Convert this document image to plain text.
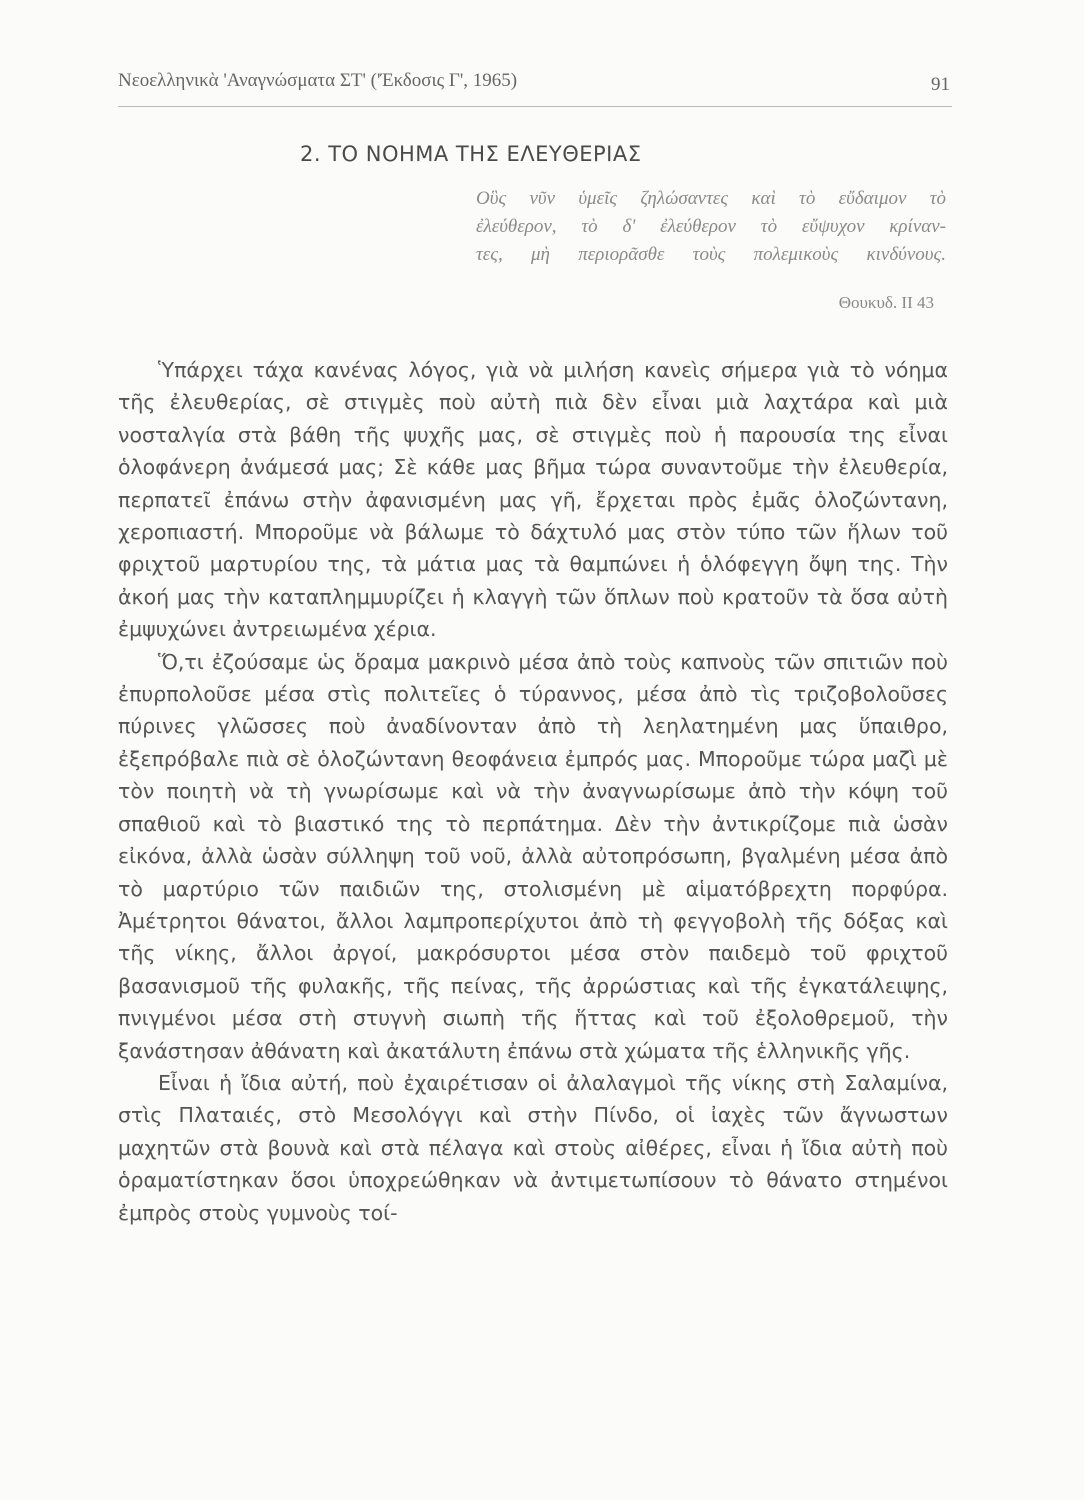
Νεοελληνικὰ 'Αναγνώσματα ΣΤ' ('Έκδοσις Γ', 1965)	91
2. ΤΟ ΝΟΗΜΑ ΤΗΣ ΕΛΕΥΘΕΡΙΑΣ
Οὓς νῦν ὑμεῖς ζηλώσαντες καὶ τὸ εὔδαιμον τὸ
ἐλεύθερον, τὸ δ' ἐλεύθερον τὸ εὔψυχον κρίναν-
τες, μὴ περιορᾶσθε τοὺς πολεμικοὺς κινδύνους.
Θουκυδ. ΙΙ 43

Ὑπάρχει τάχα κανένας λόγος, γιὰ νὰ μιλήση κανεὶς σήμερα γιὰ τὸ νόημα τῆς ἐλευθερίας, σὲ στιγμὲς ποὺ αὐτὴ πιὰ δὲν εἶναι μιὰ λαχτάρα καὶ μιὰ νοσταλγία στὰ βάθη τῆς ψυχῆς μας, σὲ στιγμὲς ποὺ ἡ παρουσία της εἶναι ὁλοφάνερη ἀνάμεσά μας; Σὲ κάθε μας βῆμα τώρα συναντοῦμε τὴν ἐλευθερία, περπατεῖ ἐπάνω στὴν ἀφανισμένη μας γῆ, ἔρχεται πρὸς ἐμᾶς ὁλοζώντανη, χεροπιαστή. Μποροῦμε νὰ βάλωμε τὸ δάχτυλό μας στὸν τύπο τῶν ἥλων τοῦ φριχτοῦ μαρτυρίου της, τὰ μάτια μας τὰ θαμπώνει ἡ ὁλόφεγγη ὄψη της. Τὴν ἀκοή μας τὴν καταπλημμυρίζει ἡ κλαγγὴ τῶν ὅπλων ποὺ κρατοῦν τὰ ὅσα αὐτὴ ἐμψυχώνει ἀντρειωμένα χέρια.

Ὅ,τι ἐζούσαμε ὡς ὅραμα μακρινὸ μέσα ἀπὸ τοὺς καπνοὺς τῶν σπιτιῶν ποὺ ἐπυρπολοῦσε μέσα στὶς πολιτεῖες ὁ τύραννος, μέσα ἀπὸ τὶς τριζοβολοῦσες πύρινες γλῶσσες ποὺ ἀναδίνονταν ἀπὸ τὴ λεηλατημένη μας ὕπαιθρο, ἐξεπρόβαλε πιὰ σὲ ὁλοζώντανη θεοφάνεια ἐμπρός μας. Μποροῦμε τώρα μαζὶ μὲ τὸν ποιητὴ νὰ τὴ γνωρίσωμε καὶ νὰ τὴν ἀναγνωρίσωμε ἀπὸ τὴν κόψη τοῦ σπαθιοῦ καὶ τὸ βιαστικό της τὸ περπάτημα. Δὲν τὴν ἀντικρίζομε πιὰ ὡσὰν εἰκόνα, ἀλλὰ ὡσὰν σύλληψη τοῦ νοῦ, ἀλλὰ αὐτοπρόσωπη, βγαλμένη μέσα ἀπὸ τὸ μαρτύριο τῶν παιδιῶν της, στολισμένη μὲ αἱματόβρεχτη πορφύρα. Ἀμέτρητοι θάνατοι, ἄλλοι λαμπροπερίχυτοι ἀπὸ τὴ φεγγοβολὴ τῆς δόξας καὶ τῆς νίκης, ἄλλοι ἀργοί, μακρόσυρτοι μέσα στὸν παιδεμὸ τοῦ φριχτοῦ βασανισμοῦ τῆς φυλακῆς, τῆς πείνας, τῆς ἀρρώστιας καὶ τῆς ἐγκατάλειψης, πνιγμένοι μέσα στὴ στυγνὴ σιωπὴ τῆς ἥττας καὶ τοῦ ἐξολοθρεμοῦ, τὴν ξανάστησαν ἀθάνατη καὶ ἀκατάλυτη ἐπάνω στὰ χώματα τῆς ἑλληνικῆς γῆς.

Εἶναι ἡ ἴδια αὐτή, ποὺ ἐχαιρέτισαν οἱ ἀλαλαγμοὶ τῆς νίκης στὴ Σαλαμίνα, στὶς Πλαταιές, στὸ Μεσολόγγι καὶ στὴν Πίνδο, οἱ ἰαχὲς τῶν ἄγνωστων μαχητῶν στὰ βουνὰ καὶ στὰ πέλαγα καὶ στοὺς αἰθέρες, εἶναι ἡ ἴδια αὐτὴ ποὺ ὁραματίστηκαν ὅσοι ὑποχρεώθηκαν νὰ ἀντιμετωπίσουν τὸ θάνατο στημένοι ἐμπρὸς στοὺς γυμνοὺς τοί-
